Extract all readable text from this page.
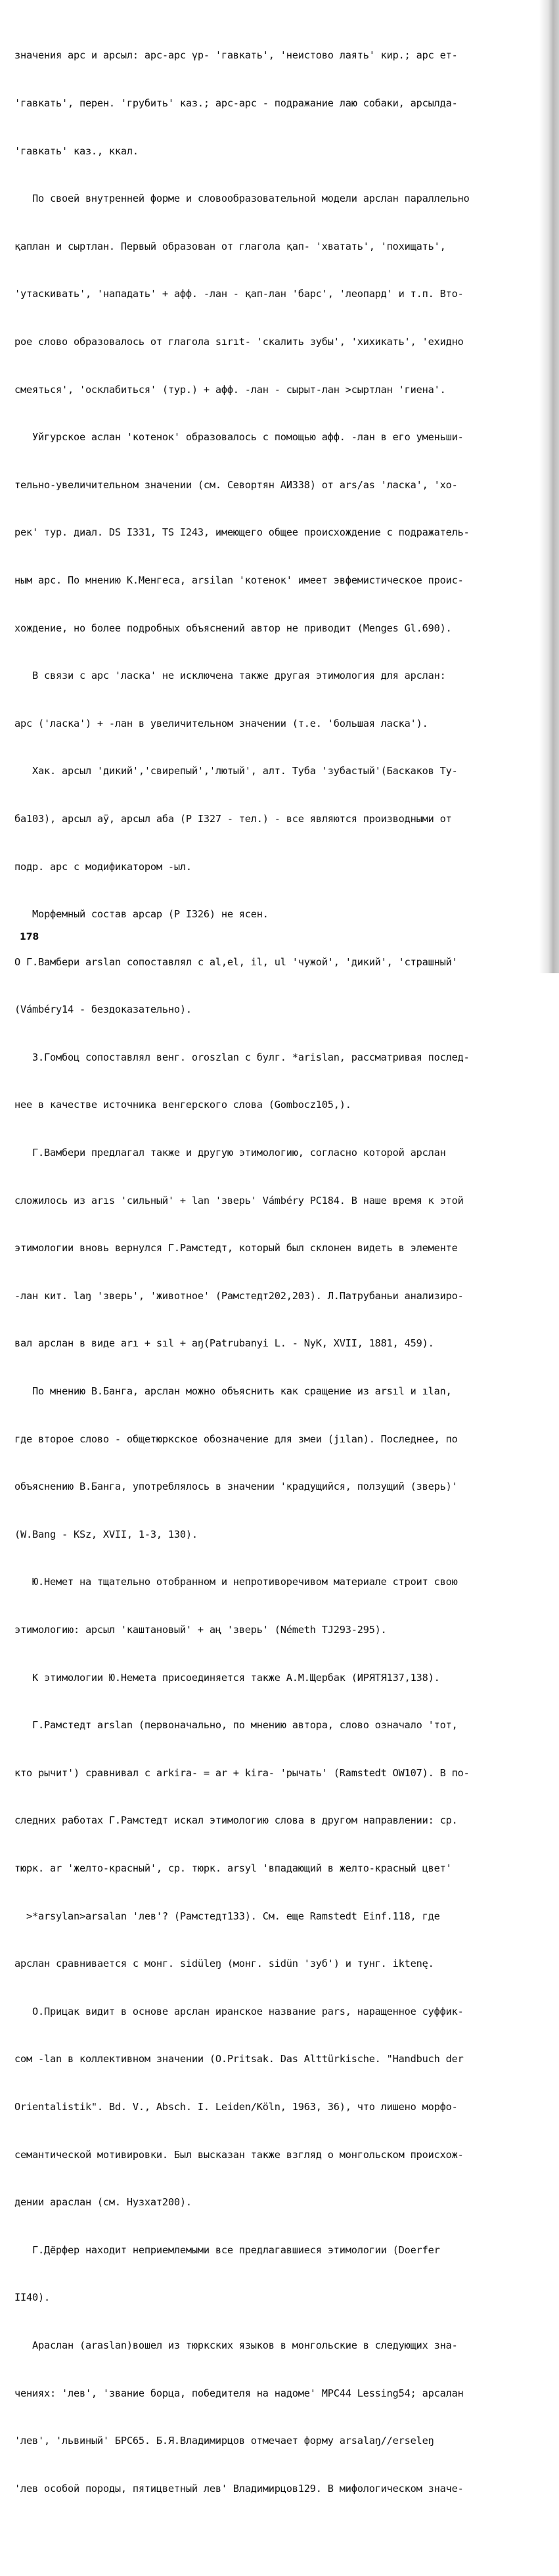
значения арс и арсыл: арс-арс үр- 'гавкать', 'неистово лаять' кир.; арс ет-

'гавкать', перен. 'грубить' каз.; арс-арс - подражание лаю собаки, арсылда-

'гавкать' каз., ккал.

По своей внутренней форме и словообразовательной модели арслан параллельно

қаплан и сыртлан. Первый образован от глагола қап- 'хватать', 'похищать',

'утаскивать', 'нападать' + афф. -лан - қап-лан 'барс', 'леопард' и т.п. Вто-

рое слово образовалось от глагола sırıt- 'скалить зубы', 'хихикать', 'ехидно

смеяться', 'осклабиться' (тур.) + афф. -лан - сырыт-лан >сыртлан 'гиена'.

Уйгурское аслан 'котенок' образовалось с помощью афф. -лан в его уменьши-

тельно-увеличительном значении (см. Севортян АИ338) от ars/as 'ласка', 'хо-

рек' тур. диал. DS I331, TS I243, имеющего общее происхождение с подражатель-

ным арс. По мнению К.Менгеса, arsilan 'котенок' имеет эвфемистическое проис-

хождение, но более подробных объяснений автор не приводит (Menges Gl.690).

В связи с арс 'ласка' не исключена также другая этимология для арслан:

арс ('ласка') + -лан в увеличительном значении (т.е. 'большая ласка').

Хак. арсыл 'дикий','свирепый','лютый', алт. Туба 'зубастый'(Баскаков Ту-

ба103), арсыл аӱ, арсыл аба (Р I327 - тел.) - все являются производными от

подр. арс с модификатором -ыл.

Морфемный состав арсар (Р I326) не ясен.

О Г.Вамбери arslan сопоставлял с al,el, il, ul 'чужой', 'дикий', 'страшный'

(Vámbéry14 - бездоказательно).

З.Гомбоц сопоставлял венг. oroszlan с булг. *arislan, рассматривая послед-

нее в качестве источника венгерского слова (Gombocz105,).

Г.Вамбери предлагал также и другую этимологию, согласно которой арслан

сложилось из arıs 'сильный' + lan 'зверь' Vámbéry PC184. В наше время к этой

этимологии вновь вернулся Г.Рамстедт, который был склонен видеть в элементе

-лан кит. laŋ 'зверь', 'животное' (Рамстедт202,203). Л.Патрубаньи анализиро-

вал арслан в виде arı + sıl + aŋ(Patrubanyi L. - NyK, XVII, 1881, 459).

По мнению В.Банга, арслан можно объяснить как сращение из arsıl и ılan,

где второе слово - общетюркское обозначение для змеи (jılan). Последнее, по

объяснению В.Банга, употреблялось в значении 'крадущийся, ползущий (зверь)'

(W.Bang - KSz, XVII, 1-3, 130).

Ю.Немет на тщательно отобранном и непротиворечивом материале строит свою

этимологию: арсыл 'каштановый' + аң 'зверь' (Németh TJ293-295).

К этимологии Ю.Немета присоединяется также А.М.Щербак (ИРЯТЯ137,138).

Г.Рамстедт arslan (первоначально, по мнению автора, слово означало 'тот,

кто рычит') сравнивал с arkira- = ar + kira- 'рычать' (Ramstedt OW107). В по-

следних работах Г.Рамстедт искал этимологию слова в другом направлении: ср.

тюрк. ar 'желто-красный', ср. тюрк. arsyl 'впадающий в желто-красный цвет'

>*arsylan>arsalan 'лев'? (Рамстедт133). См. еще Ramstedt Einf.118, где

арслан сравнивается с монг. sidüleŋ (монг. sidün 'зуб') и тунг. iktenę.

О.Прицак видит в основе арслан иранское название pars, наращенное суффик-

сом -lan в коллективном значении (O.Pritsak. Das Alttürkische. "Handbuch der

Orientalistik". Bd. V., Absch. I. Leiden/Köln, 1963, 36), что лишено морфо-

семантической мотивировки. Был высказан также взгляд о монгольском происхож-

дении араслан (см. Нузхат200).

Г.Дёрфер находит неприемлемыми все предлагавшиеся этимологии (Doerfer

II40).

Араслан (araslan)вошел из тюркских языков в монгольские в следующих зна-

чениях: 'лев', 'звание борца, победителя на надоме' МРС44 Lessing54; арсалан

'лев', 'львиный' БРС65. Б.Я.Владимирцов отмечает форму arsalaŋ//erseleŋ

'лев особой породы, пятицветный лев' Владимирцов129. В мифологическом значе-

178
